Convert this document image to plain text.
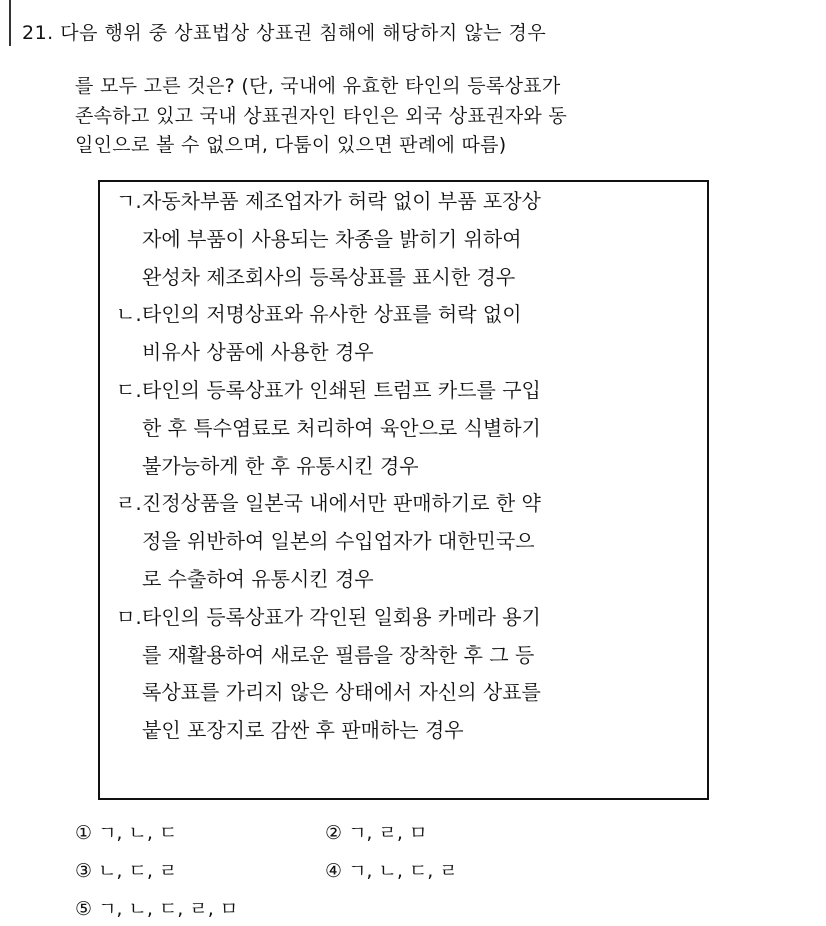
21. 다음 행위 중 상표법상 상표권 침해에 해당하지 않는 경우
를 모두 고른 것은? (단, 국내에 유효한 타인의 등록상표가
존속하고 있고 국내 상표권자인 타인은 외국 상표권자와 동
일인으로 볼 수 없으며, 다툼이 있으면 판례에 따름)
ㄱ. 자동차부품 제조업자가 허락 없이 부품 포장상
자에 부품이 사용되는 차종을 밝히기 위하여
완성차 제조회사의 등록상표를 표시한 경우
ㄴ. 타인의 저명상표와 유사한 상표를 허락 없이
비유사 상품에 사용한 경우
ㄷ. 타인의 등록상표가 인쇄된 트럼프 카드를 구입
한 후 특수염료로 처리하여 육안으로 식별하기
불가능하게 한 후 유통시킨 경우
ㄹ. 진정상품을 일본국 내에서만 판매하기로 한 약
정을 위반하여 일본의 수입업자가 대한민국으
로 수출하여 유통시킨 경우
ㅁ. 타인의 등록상표가 각인된 일회용 카메라 용기
를 재활용하여 새로운 필름을 장착한 후 그 등
록상표를 가리지 않은 상태에서 자신의 상표를
붙인 포장지로 감싼 후 판매하는 경우
① ㄱ, ㄴ, ㄷ	② ㄱ, ㄹ, ㅁ
③ ㄴ, ㄷ, ㄹ	④ ㄱ, ㄴ, ㄷ, ㄹ
⑤ ㄱ, ㄴ, ㄷ, ㄹ, ㅁ
